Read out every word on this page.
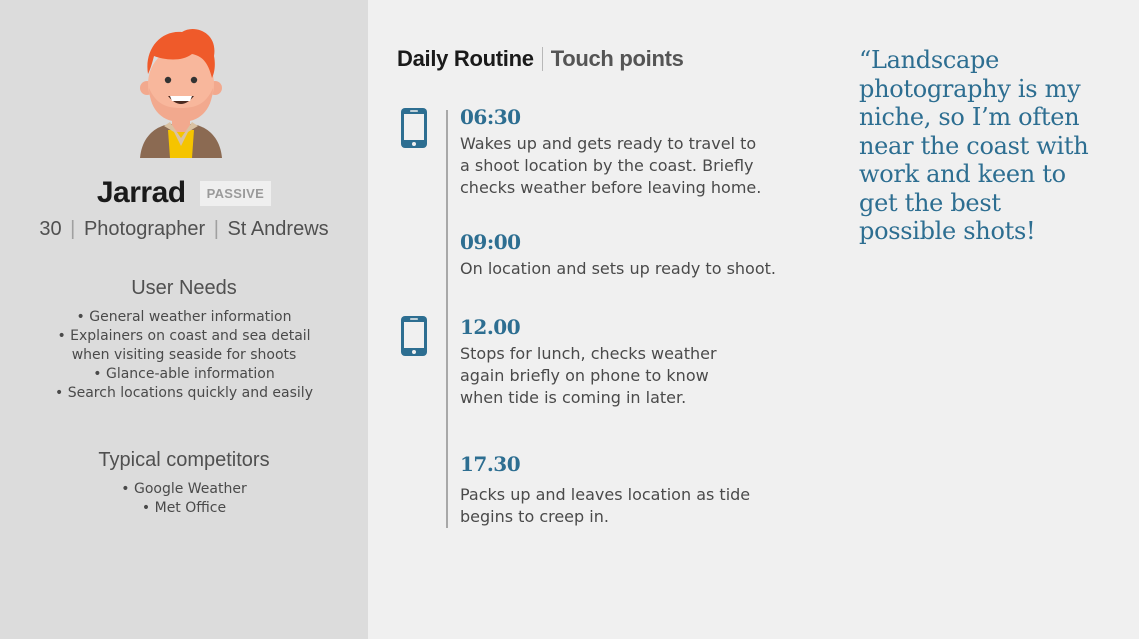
Jarrad	PASSIVE
30 | Photographer | St Andrews
User Needs
• General weather information
• Explainers on coast and sea detail when visiting seaside for shoots
• Glance-able information
• Search locations quickly and easily
Typical competitors
• Google Weather
• Met Office
Daily Routine Touch points
06:30
Wakes up and gets ready to travel to a shoot location by the coast. Briefly checks weather before leaving home.
09:00
On location and sets up ready to shoot.
12.00
Stops for lunch, checks weather again briefly on phone to know when tide is coming in later.
17.30
Packs up and leaves location as tide begins to creep in.
“Landscape photography is my niche, so I’m often near the coast with work and keen to get the best possible shots!
